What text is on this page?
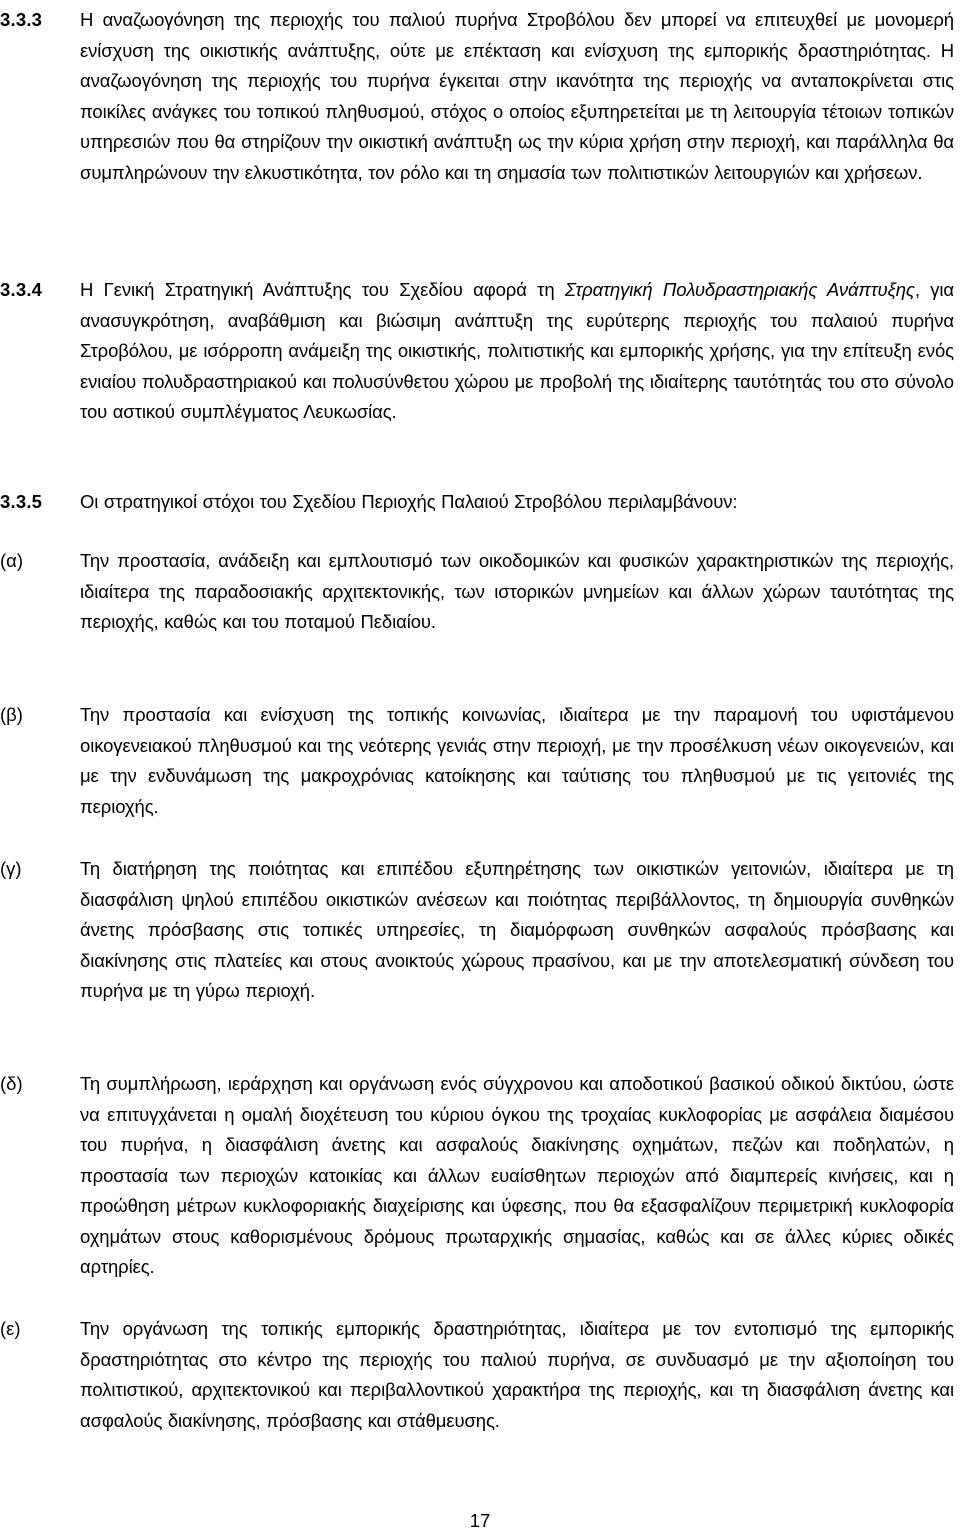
3.3.3 Η αναζωογόνηση της περιοχής του παλιού πυρήνα Στροβόλου δεν μπορεί να επιτευχθεί με μονομερή ενίσχυση της οικιστικής ανάπτυξης, ούτε με επέκταση και ενίσχυση της εμπορικής δραστηριότητας. Η αναζωογόνηση της περιοχής του πυρήνα έγκειται στην ικανότητα της περιοχής να ανταποκρίνεται στις ποικίλες ανάγκες του τοπικού πληθυσμού, στόχος ο οποίος εξυπηρετείται με τη λειτουργία τέτοιων τοπικών υπηρεσιών που θα στηρίζουν την οικιστική ανάπτυξη ως την κύρια χρήση στην περιοχή, και παράλληλα θα συμπληρώνουν την ελκυστικότητα, τον ρόλο και τη σημασία των πολιτιστικών λειτουργιών και χρήσεων.
3.3.4 Η Γενική Στρατηγική Ανάπτυξης του Σχεδίου αφορά τη Στρατηγική Πολυδραστηριακής Ανάπτυξης, για ανασυγκρότηση, αναβάθμιση και βιώσιμη ανάπτυξη της ευρύτερης περιοχής του παλαιού πυρήνα Στροβόλου, με ισόρροπη ανάμειξη της οικιστικής, πολιτιστικής και εμπορικής χρήσης, για την επίτευξη ενός ενιαίου πολυδραστηριακού και πολυσύνθετου χώρου με προβολή της ιδιαίτερης ταυτότητάς του στο σύνολο του αστικού συμπλέγματος Λευκωσίας.
3.3.5 Οι στρατηγικοί στόχοι του Σχεδίου Περιοχής Παλαιού Στροβόλου περιλαμβάνουν:
(α)	Την προστασία, ανάδειξη και εμπλουτισμό των οικοδομικών και φυσικών χαρακτηριστικών της περιοχής, ιδιαίτερα της παραδοσιακής αρχιτεκτονικής, των ιστορικών μνημείων και άλλων χώρων ταυτότητας της περιοχής, καθώς και του ποταμού Πεδιαίου.
(β)	Την προστασία και ενίσχυση της τοπικής κοινωνίας, ιδιαίτερα με την παραμονή του υφιστάμενου οικογενειακού πληθυσμού και της νεότερης γενιάς στην περιοχή, με την προσέλκυση νέων οικογενειών, και με την ενδυνάμωση της μακροχρόνιας κατοίκησης και ταύτισης του πληθυσμού με τις γειτονιές της περιοχής.
(γ)	Τη διατήρηση της ποιότητας και επιπέδου εξυπηρέτησης των οικιστικών γειτονιών, ιδιαίτερα με τη διασφάλιση ψηλού επιπέδου οικιστικών ανέσεων και ποιότητας περιβάλλοντος, τη δημιουργία συνθηκών άνετης πρόσβασης στις τοπικές υπηρεσίες, τη διαμόρφωση συνθηκών ασφαλούς πρόσβασης και διακίνησης στις πλατείες και στους ανοικτούς χώρους πρασίνου, και με την αποτελεσματική σύνδεση του πυρήνα με τη γύρω περιοχή.
(δ)	Τη συμπλήρωση, ιεράρχηση και οργάνωση ενός σύγχρονου και αποδοτικού βασικού οδικού δικτύου, ώστε να επιτυγχάνεται η ομαλή διοχέτευση του κύριου όγκου της τροχαίας κυκλοφορίας με ασφάλεια διαμέσου του πυρήνα, η διασφάλιση άνετης και ασφαλούς διακίνησης οχημάτων, πεζών και ποδηλατών, η προστασία των περιοχών κατοικίας και άλλων ευαίσθητων περιοχών από διαμπερείς κινήσεις, και η προώθηση μέτρων κυκλοφοριακής διαχείρισης και ύφεσης, που θα εξασφαλίζουν περιμετρική κυκλοφορία οχημάτων στους καθορισμένους δρόμους πρωταρχικής σημασίας, καθώς και σε άλλες κύριες οδικές αρτηρίες.
(ε)	Την οργάνωση της τοπικής εμπορικής δραστηριότητας, ιδιαίτερα με τον εντοπισμό της εμπορικής δραστηριότητας στο κέντρο της περιοχής του παλιού πυρήνα, σε συνδυασμό με την αξιοποίηση του πολιτιστικού, αρχιτεκτονικού και περιβαλλοντικού χαρακτήρα της περιοχής, και τη διασφάλιση άνετης και ασφαλούς διακίνησης, πρόσβασης και στάθμευσης.
17
